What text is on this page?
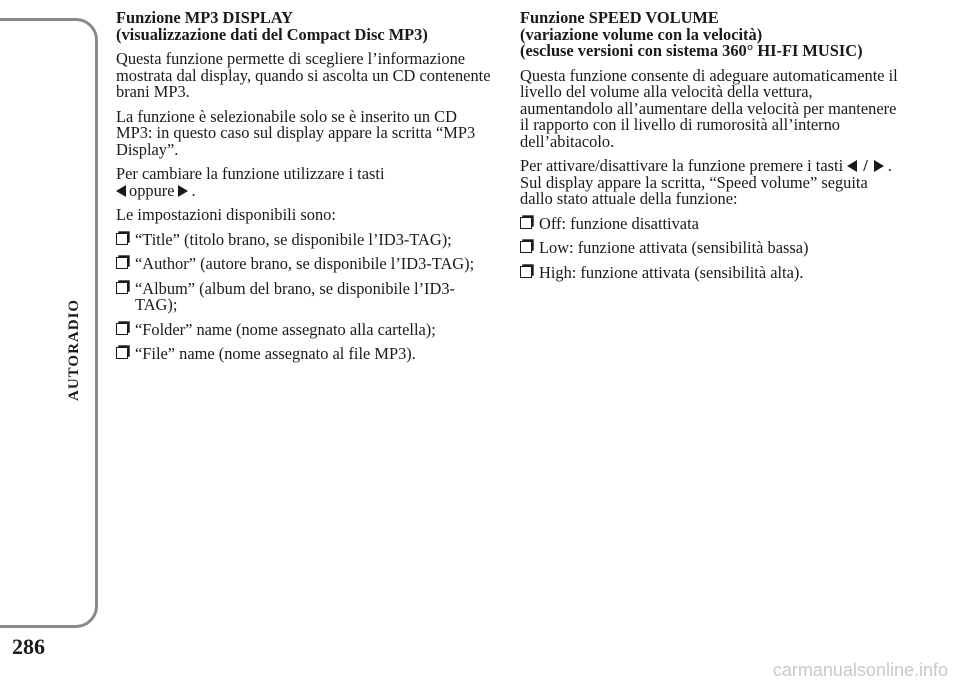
AUTORADIO
286
carmanualsonline.info
Funzione MP3 DISPLAY
(visualizzazione dati del Compact Disc MP3)

Questa funzione permette di scegliere l’informazione mostrata dal display, quando si ascolta un CD contenente brani MP3.

La funzione è selezionabile solo se è inserito un CD MP3: in questo caso sul display appare la scritta “MP3 Display”.

Per cambiare la funzione utilizzare i tasti
oppure .

Le impostazioni disponibili sono:

“Title” (titolo brano, se disponibile l’ID3-TAG);
“Author” (autore brano, se disponibile l’ID3-TAG);
“Album” (album del brano, se disponibile l’ID3-TAG);
“Folder” name (nome assegnato alla cartella);
“File” name (nome assegnato al file MP3).
Funzione SPEED VOLUME
(variazione volume con la velocità)
(escluse versioni con sistema 360° HI-FI MUSIC)

Questa funzione consente di adeguare automaticamente il livello del volume alla velocità della vettura, aumentandolo all’aumentare della velocità per mantenere il rapporto con il livello di rumorosità all’interno dell’abitacolo.

Per attivare/disattivare la funzione premere i tasti / . Sul display appare la scritta, “Speed volume” seguita dallo stato attuale della funzione:

Off: funzione disattivata
Low: funzione attivata (sensibilità bassa)
High: funzione attivata (sensibilità alta).
